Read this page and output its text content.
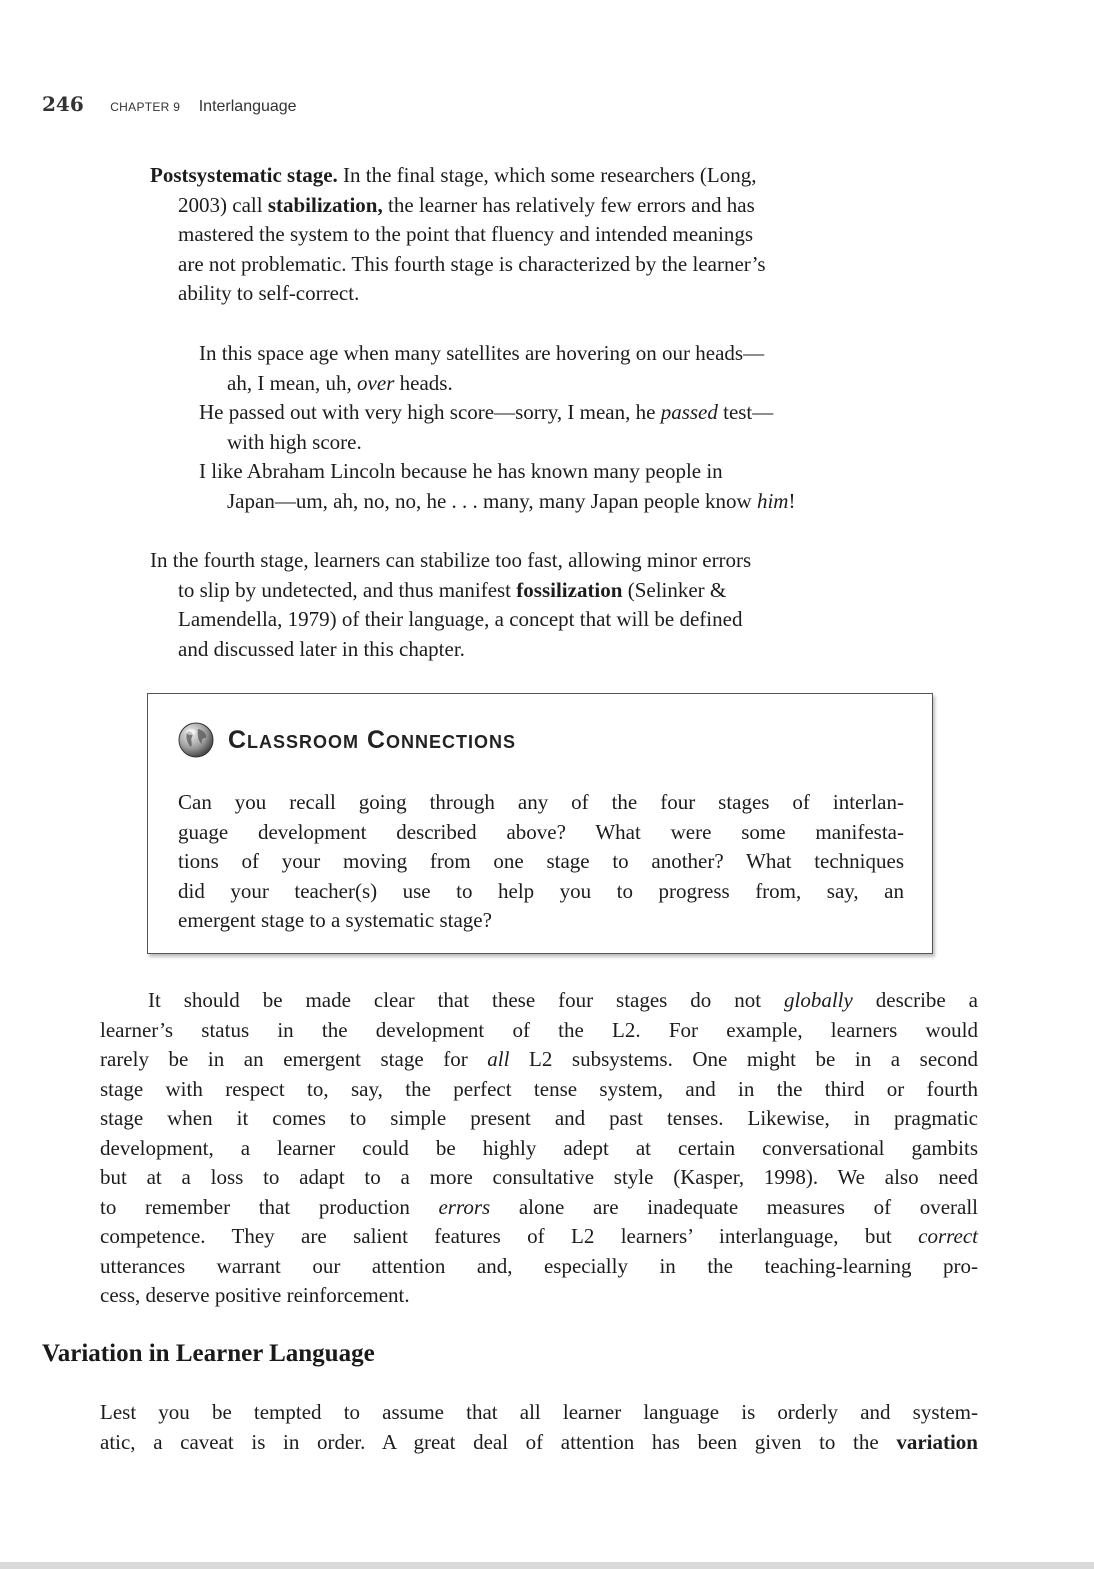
246 CHAPTER 9 Interlanguage
Postsystematic stage. In the final stage, which some researchers (Long,
2003) call stabilization, the learner has relatively few errors and has
mastered the system to the point that fluency and intended meanings
are not problematic. This fourth stage is characterized by the learner’s
ability to self-correct.
In this space age when many satellites are hovering on our heads—
ah, I mean, uh, over heads.
He passed out with very high score—sorry, I mean, he passed test—
with high score.
I like Abraham Lincoln because he has known many people in
Japan—um, ah, no, no, he . . . many, many Japan people know him!
In the fourth stage, learners can stabilize too fast, allowing minor errors
to slip by undetected, and thus manifest fossilization (Selinker &
Lamendella, 1979) of their language, a concept that will be defined
and discussed later in this chapter.
Classroom Connections
Can you recall going through any of the four stages of interlan-
guage development described above? What were some manifesta-
tions of your moving from one stage to another? What techniques
did your teacher(s) use to help you to progress from, say, an
emergent stage to a systematic stage?
It should be made clear that these four stages do not globally describe a
learner’s status in the development of the L2. For example, learners would
rarely be in an emergent stage for all L2 subsystems. One might be in a second
stage with respect to, say, the perfect tense system, and in the third or fourth
stage when it comes to simple present and past tenses. Likewise, in pragmatic
development, a learner could be highly adept at certain conversational gambits
but at a loss to adapt to a more consultative style (Kasper, 1998). We also need
to remember that production errors alone are inadequate measures of overall
competence. They are salient features of L2 learners’ interlanguage, but correct
utterances warrant our attention and, especially in the teaching-learning pro-
cess, deserve positive reinforcement.
Variation in Learner Language
Lest you be tempted to assume that all learner language is orderly and system-
atic, a caveat is in order. A great deal of attention has been given to the variation
